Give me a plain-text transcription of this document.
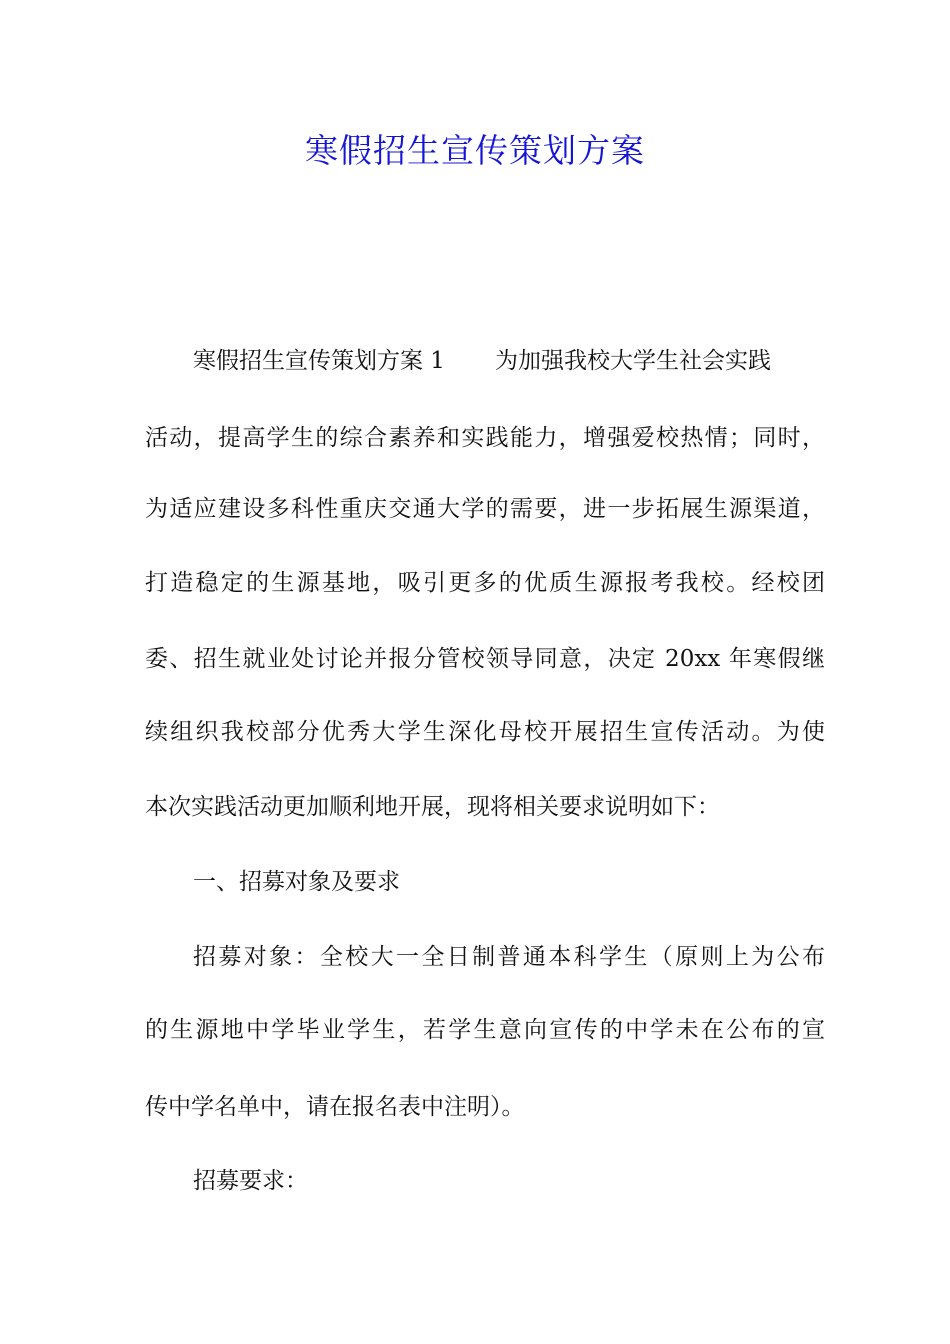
寒假招生宣传策划方案
寒假招生宣传策划方案 1 为加强我校大学生社会实践
活动，提高学生的综合素养和实践能力，增强爱校热情；同时，
为适应建设多科性重庆交通大学的需要，进一步拓展生源渠道，
打造稳定的生源基地，吸引更多的优质生源报考我校。经校团
委、招生就业处讨论并报分管校领导同意，决定 20xx 年寒假继
续组织我校部分优秀大学生深化母校开展招生宣传活动。为使
本次实践活动更加顺利地开展，现将相关要求说明如下：
一、招募对象及要求
招募对象：全校大一全日制普通本科学生（原则上为公布
的生源地中学毕业学生，若学生意向宣传的中学未在公布的宣
传中学名单中，请在报名表中注明）。
招募要求：
